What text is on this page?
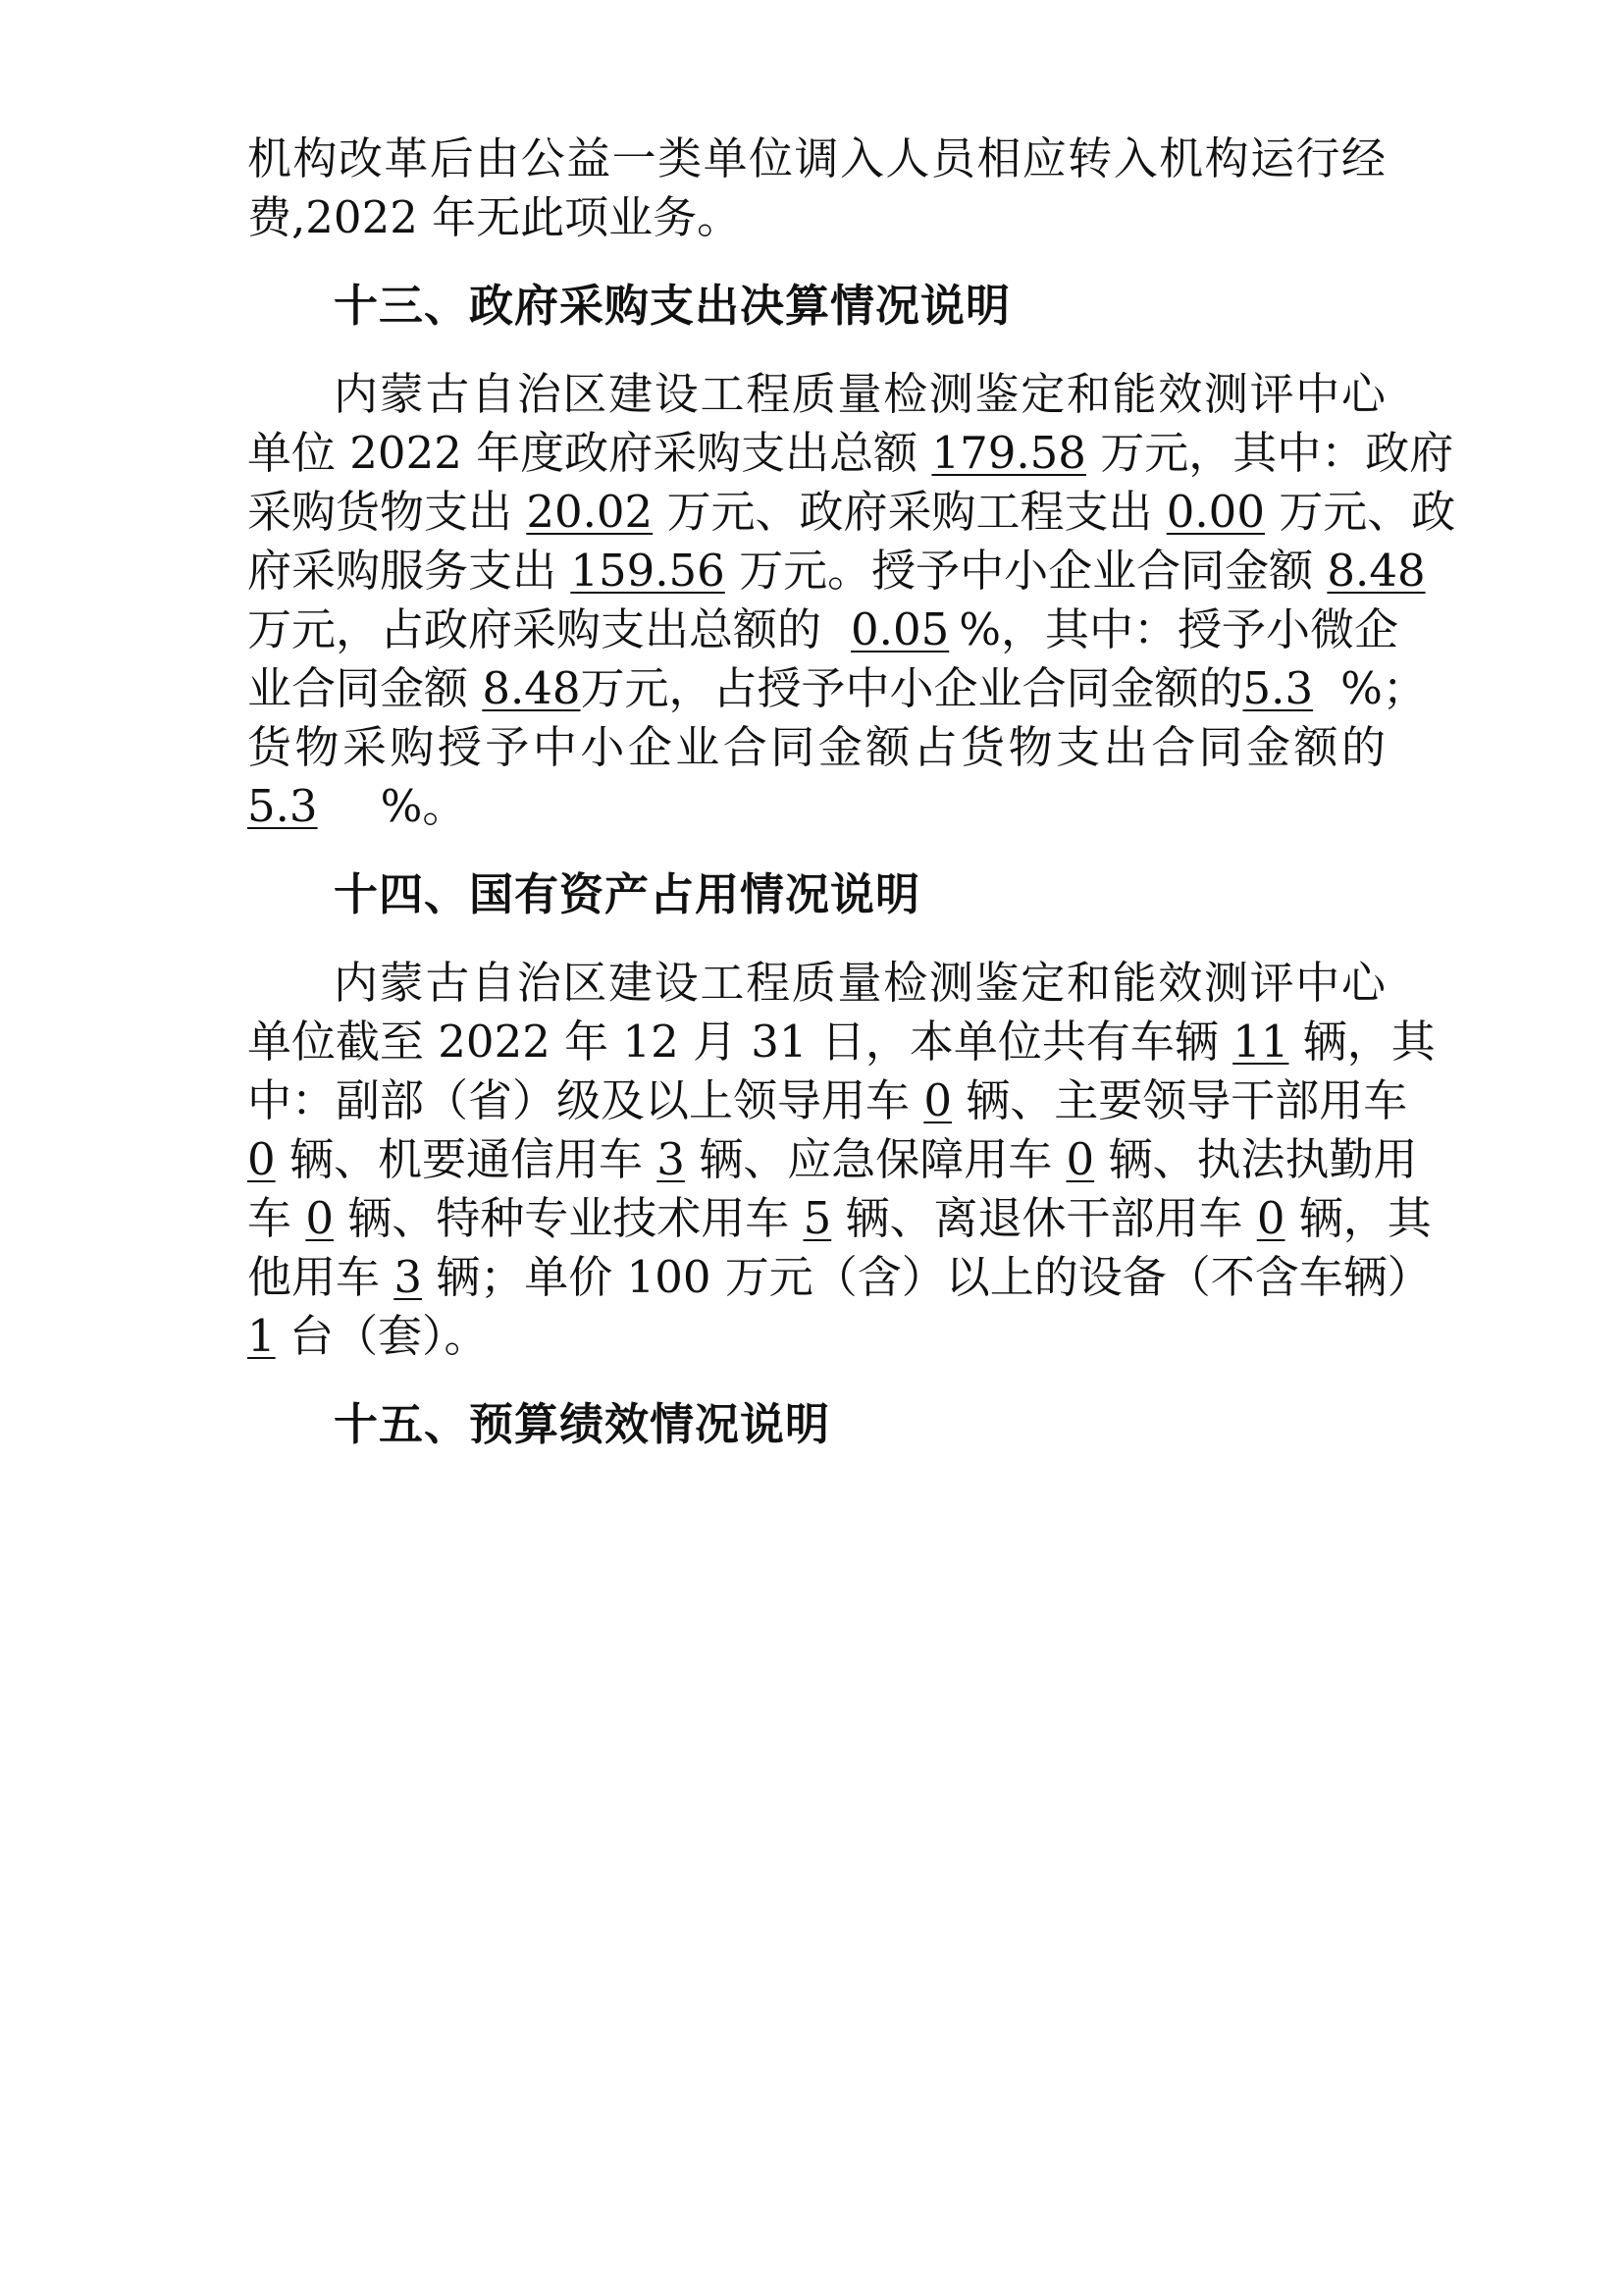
机构改革后由公益一类单位调入人员相应转入机构运行经
费,2022 年无此项业务。
十三、政府采购支出决算情况说明
内蒙古自治区建设工程质量检测鉴定和能效测评中心
单位 2022 年度政府采购支出总额 179.58 万元，其中：政府
采购货物支出 20.02 万元、政府采购工程支出 0.00 万元、政
府采购服务支出 159.56 万元。授予中小企业合同金额 8.48
万元，占政府采购支出总额的 0.05 %，其中：授予小微企
业合同金额 8.48万元，占授予中小企业合同金额的5.3 %；
货物采购授予中小企业合同金额占货物支出合同金额的
5.3 %。
十四、国有资产占用情况说明
内蒙古自治区建设工程质量检测鉴定和能效测评中心
单位截至 2022 年 12 月 31 日，本单位共有车辆 11 辆，其
中：副部（省）级及以上领导用车 0 辆、主要领导干部用车
0 辆、机要通信用车 3 辆、应急保障用车 0 辆、执法执勤用
车 0 辆、特种专业技术用车 5 辆、离退休干部用车 0 辆，其
他用车 3 辆；单价 100 万元（含）以上的设备（不含车辆）
1 台（套）。
十五、预算绩效情况说明
